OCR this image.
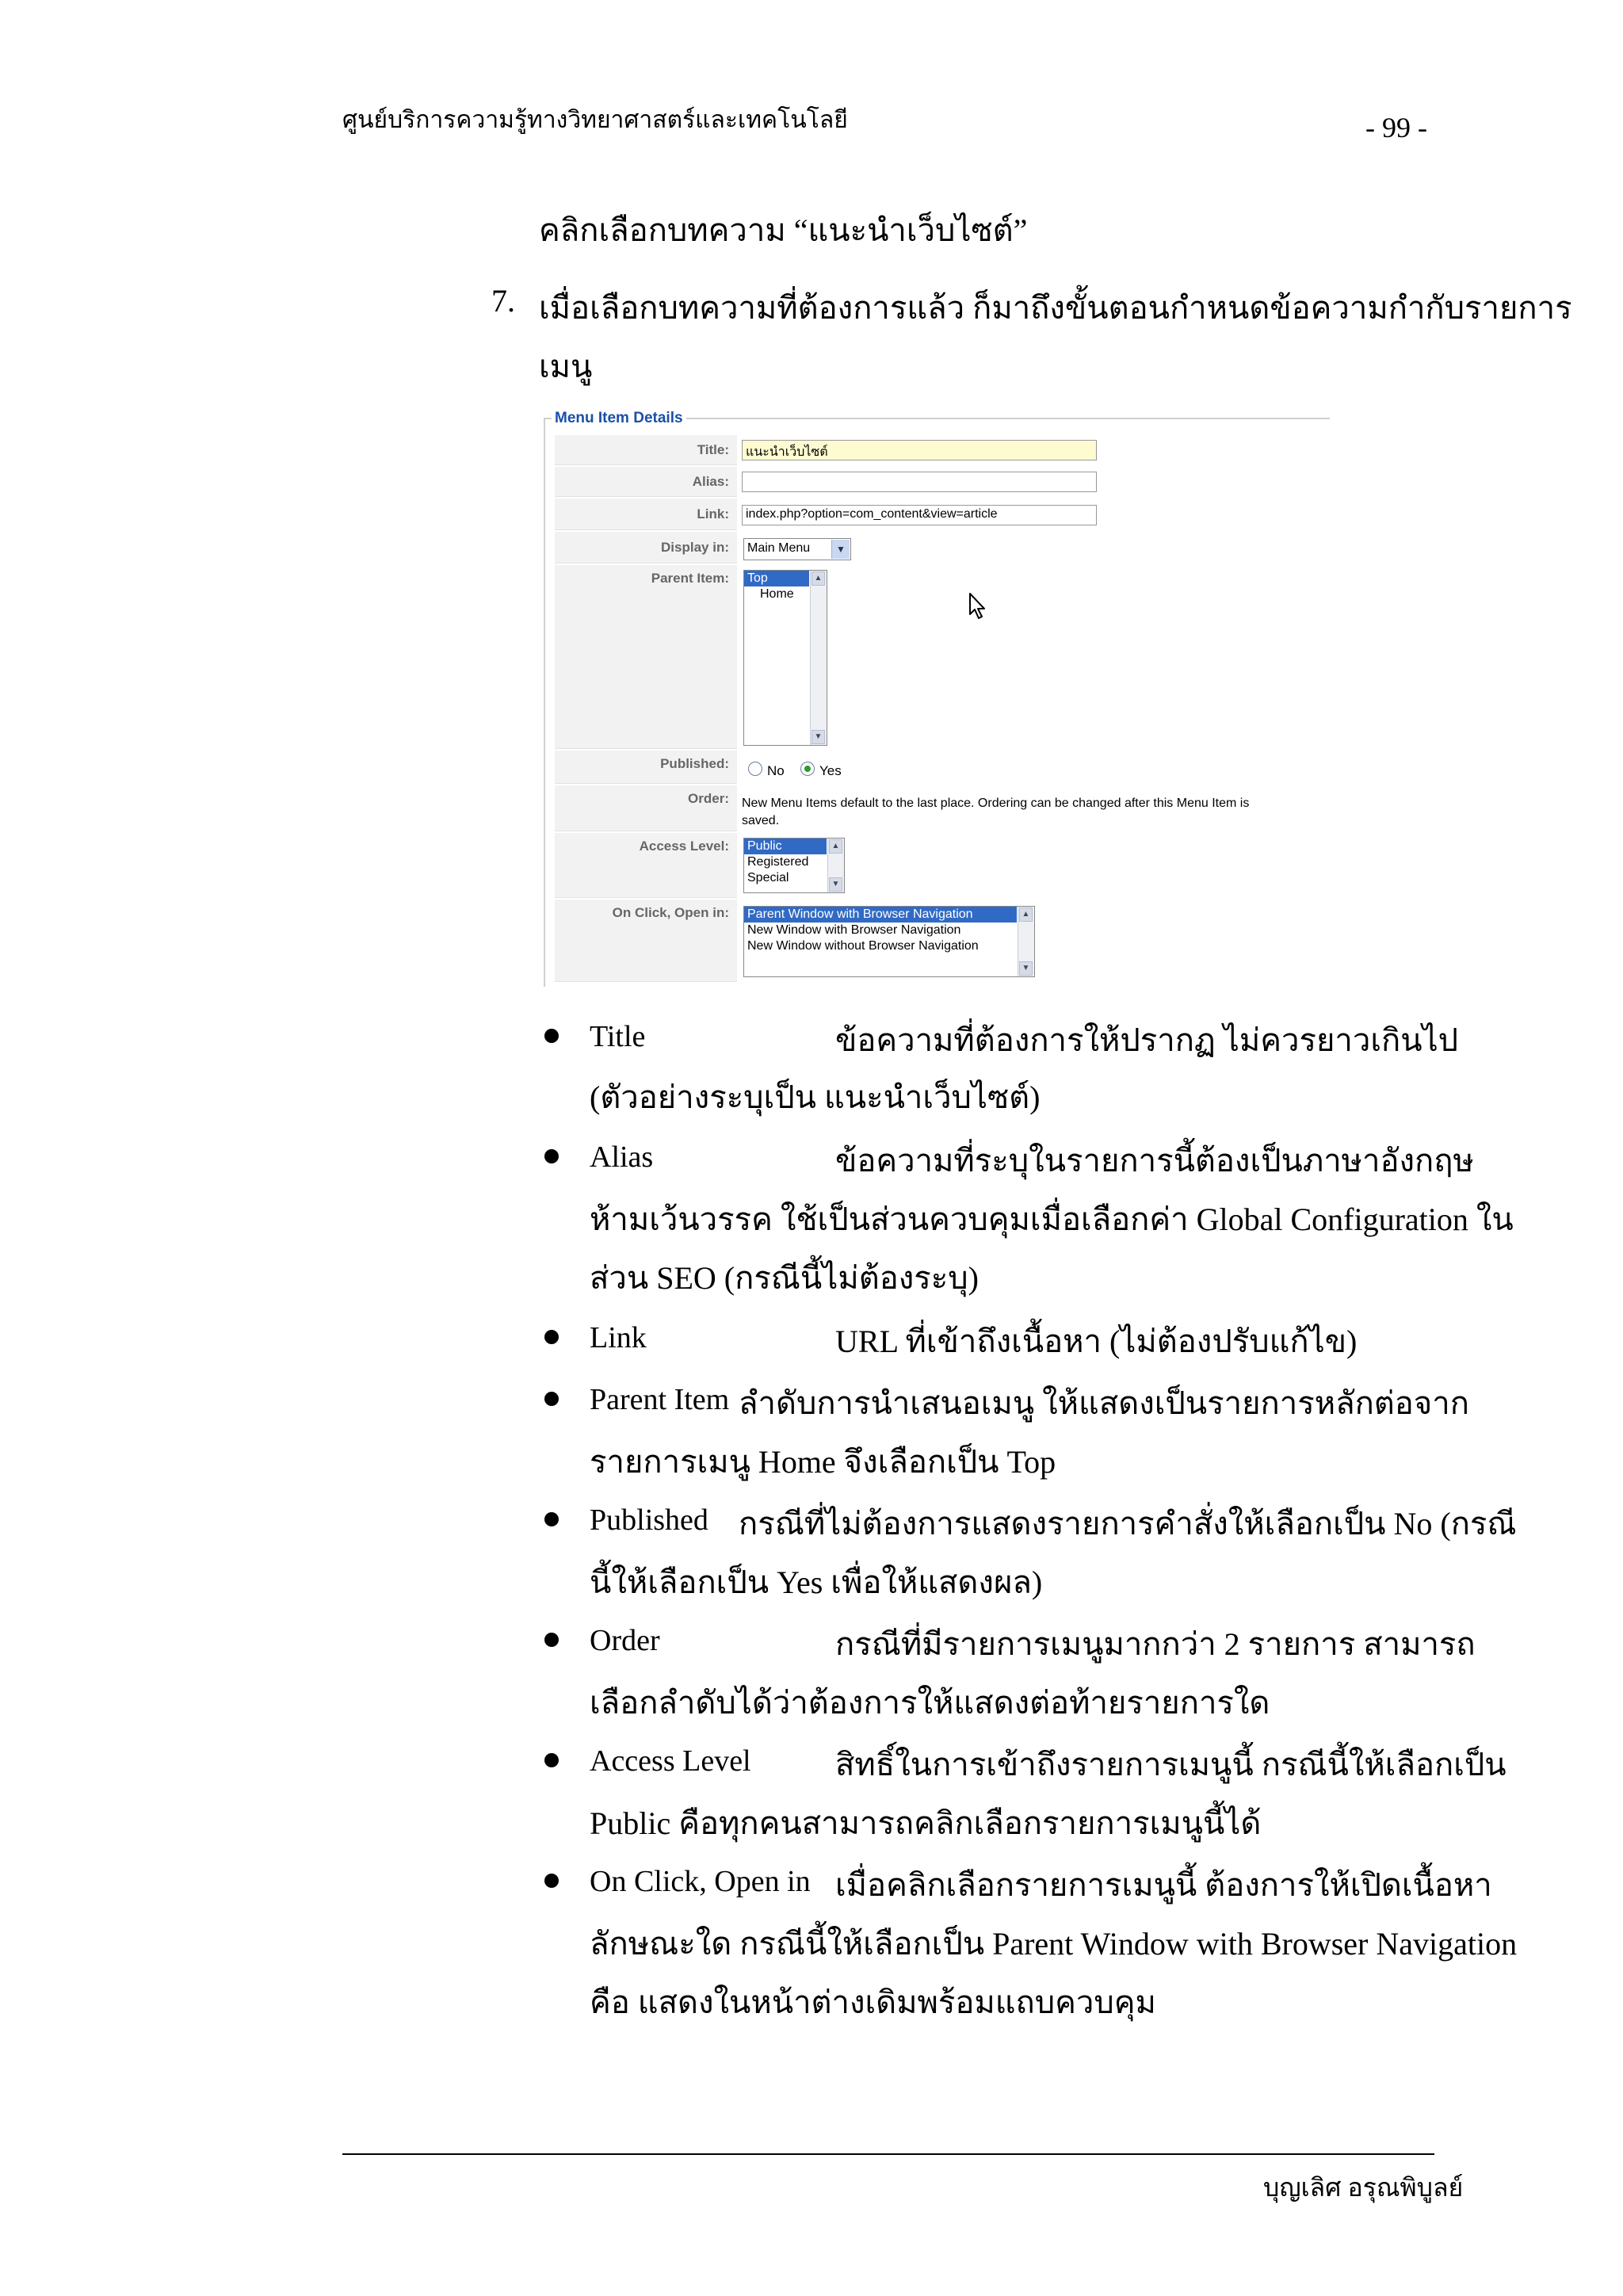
ศูนย์บริการความรู้ทางวิทยาศาสตร์และเทคโนโลยี	- 99 -
คลิกเลือกบทความ “แนะนำเว็บไซต์”
7. เมื่อเลือกบทความที่ต้องการแล้ว ก็มาถึงขั้นตอนกำหนดข้อความกำกับรายการ
เมนู
Menu Item Details
Title:	แนะนำเว็บไซต์
Alias:
Link:	index.php?option=com_content&view=article
Display in:	Main Menu	▼
Parent Item:	Top
Home
▲
▼
Published:	No	Yes
Order:	New Menu Items default to the last place. Ordering can be changed after this Menu Item is
saved.
Access Level:	Public
Registered
Special
▲
▼
On Click, Open in:	Parent Window with Browser Navigation
New Window with Browser Navigation
New Window without Browser Navigation
▲
▼
Title	ข้อความที่ต้องการให้ปรากฏ ไม่ควรยาวเกินไป
(ตัวอย่างระบุเป็น แนะนำเว็บไซต์)
Alias	ข้อความที่ระบุในรายการนี้ต้องเป็นภาษาอังกฤษ
ห้ามเว้นวรรค ใช้เป็นส่วนควบคุมเมื่อเลือกค่า Global Configuration ใน
ส่วน SEO (กรณีนี้ไม่ต้องระบุ)
Link	URL ที่เข้าถึงเนื้อหา (ไม่ต้องปรับแก้ไข)
Parent Item ลำดับการนำเสนอเมนู ให้แสดงเป็นรายการหลักต่อจาก
รายการเมนู Home จึงเลือกเป็น Top
Published กรณีที่ไม่ต้องการแสดงรายการคำสั่งให้เลือกเป็น No (กรณี
นี้ให้เลือกเป็น Yes เพื่อให้แสดงผล)
Order	กรณีที่มีรายการเมนูมากกว่า 2 รายการ สามารถ
เลือกลำดับได้ว่าต้องการให้แสดงต่อท้ายรายการใด
Access Level	สิทธิ์ในการเข้าถึงรายการเมนูนี้ กรณีนี้ให้เลือกเป็น
Public คือทุกคนสามารถคลิกเลือกรายการเมนูนี้ได้
On Click, Open in เมื่อคลิกเลือกรายการเมนูนี้ ต้องการให้เปิดเนื้อหา
ลักษณะใด กรณีนี้ให้เลือกเป็น Parent Window with Browser Navigation
คือ แสดงในหน้าต่างเดิมพร้อมแถบควบคุม
บุญเลิศ อรุณพิบูลย์
